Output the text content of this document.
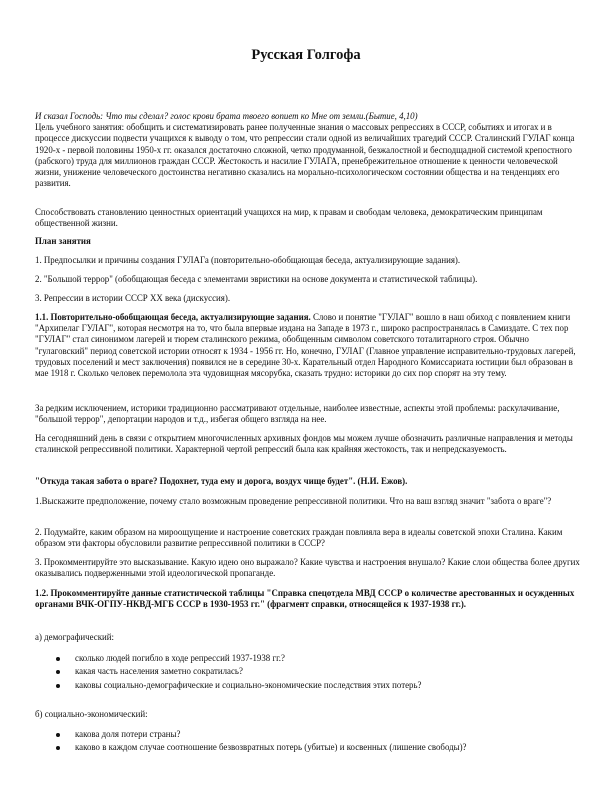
Русская Голгофа

И сказал Господь: Что ты сделал? голос крови брата твоего вопиет ко Мне от земли.(Бытие, 4,10)

Цель учебного занятия: обобщить и систематизировать ранее полученные знания о массовых репрессиях в СССР, событиях и итогах и в процессе дискуссии подвести учащихся к выводу о том, что репрессии стали одной из величайших трагедий СССР. Сталинский ГУЛАГ конца 1920-х - первой половины 1950-х гг. оказался достаточно сложной, четко продуманной, безжалостной и бесподщадной системой крепостного (рабского) труда для миллионов граждан СССР. Жестокость и насилие ГУЛАГА, пренебрежительное отношение к ценности человеческой жизни, унижение человеческого достоинства негативно сказались на морально-психологическом состоянии общества и на тенденциях его развития.

Способствовать становлению ценностных ориентаций учащихся на мир, к правам и свободам человека, демократическим принципам общественной жизни.

План занятия

1. Предпосылки и причины создания ГУЛАГа (повторительно-обобщающая беседа, актуализирующие задания).

2. "Большой террор" (обобщающая беседа с элементами эвристики на основе документа и статистической таблицы).

3. Репрессии в истории СССР XX века (дискуссия).

1.1. Повторительно-обобщающая беседа, актуализирующие задания. Слово и понятие "ГУЛАГ" вошло в наш обиход с появлением книги "Архипелаг ГУЛАГ", которая несмотря на то, что была впервые издана на Западе в 1973 г., широко распространялась в Самиздате. С тех пор "ГУЛАГ" стал синонимом лагерей и тюрем сталинского режима, обобщенным символом советского тоталитарного строя. Обычно "гулаговский" период советской истории относят к 1934 - 1956 гг. Но, конечно, ГУЛАГ (Главное управление исправительно-трудовых лагерей, трудовых поселений и мест заключения) появился не в середине 30-х. Карательный отдел Народного Комиссариата юстиции был образован в мае 1918 г. Сколько человек перемолола эта чудовищная мясорубка, сказать трудно: историки до сих пор спорят на эту тему.

За редким исключением, историки традиционно рассматривают отдельные, наиболее известные, аспекты этой проблемы: раскулачивание, "большой террор", депортации народов и т.д., избегая общего взгляда на нее.

На сегодняшний день в связи с открытием многочисленных архивных фондов мы можем лучше обозначить различные направления и методы сталинской репрессивной политики. Характерной чертой репрессий была как крайняя жестокость, так и непредсказуемость.

"Откуда такая забота о враге? Подохнет, туда ему и дорога, воздух чище будет". (Н.И. Ежов).

1.Выскажите предположение, почему стало возможным проведение репрессивной политики. Что на ваш взгляд значит "забота о враге"?

2. Подумайте, каким образом на мироощущение и настроение советских граждан повлияла вера в идеалы советской эпохи Сталина. Каким образом эти факторы обусловили развитие репрессивной политики в СССР?

3. Прокомментируйте это высказывание. Какую идею оно выражало? Какие чувства и настроения внушало? Какие слои общества более других оказывались подверженными этой идеологической пропаганде.

1.2. Прокомментируйте данные статистической таблицы "Справка спецотдела МВД СССР о количестве арестованных и осужденных органами ВЧК-ОГПУ-НКВД-МГБ СССР в 1930-1953 гг." (фрагмент справки, относящейся к 1937-1938 гг.).

а) демографический:

сколько людей погибло в ходе репрессий 1937-1938 гг.?
какая часть населения заметно сократилась?
каковы социально-демографические и социально-экономические последствия этих потерь?

б) социально-экономический:

какова доля потери страны?
каково в каждом случае соотношение безвозвратных потерь (убитые) и косвенных (лишение свободы)?
